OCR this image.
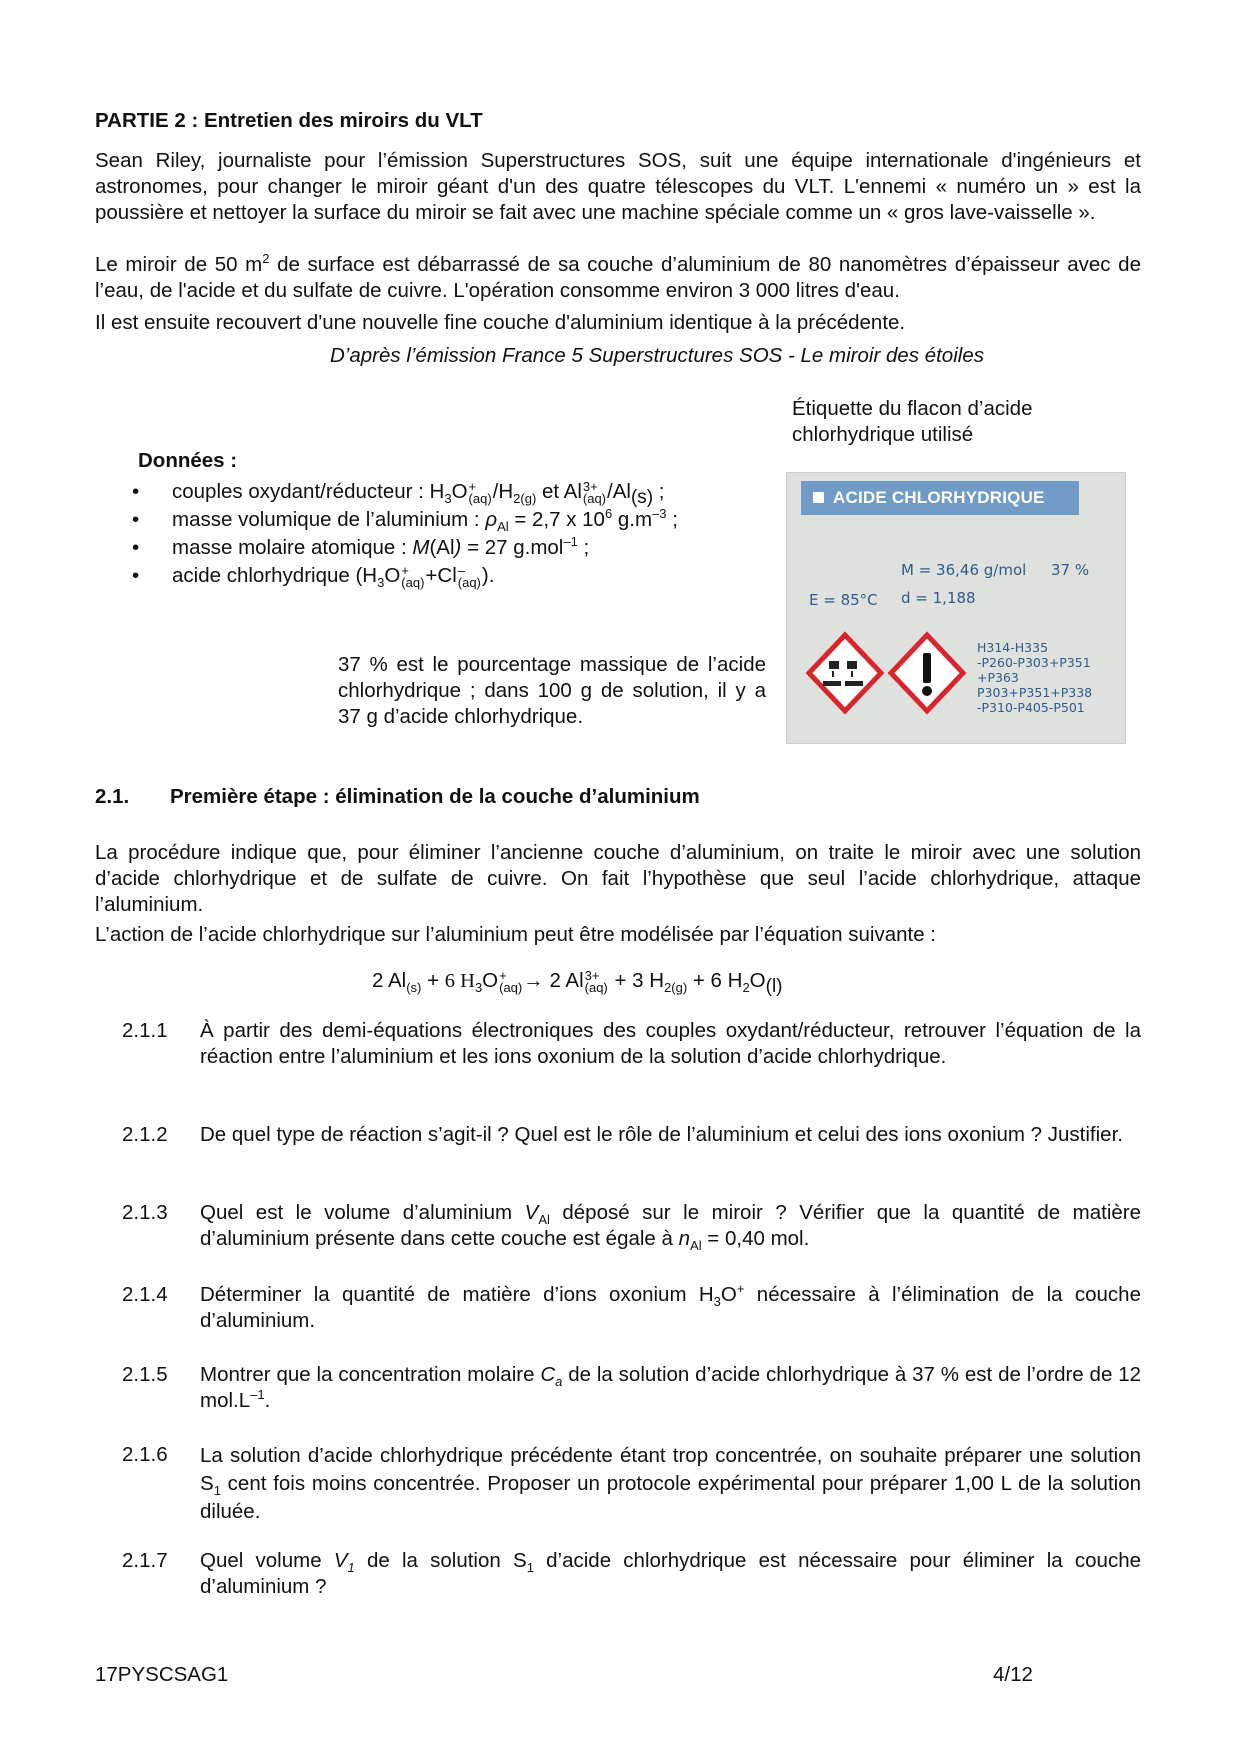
PARTIE 2 : Entretien des miroirs du VLT
Sean Riley, journaliste pour l’émission Superstructures SOS, suit une équipe internationale d'ingénieurs et astronomes, pour changer le miroir géant d'un des quatre télescopes du VLT. L'ennemi « numéro un » est la poussière et nettoyer la surface du miroir se fait avec une machine spéciale comme un « gros lave-vaisselle ».
Le miroir de 50 $m^2$ de surface est débarrassé de sa couche d’aluminium de 80 nanomètres d’épaisseur avec de l’eau, de l'acide et du sulfate de cuivre. L'opération consomme environ 3 000 litres d'eau.
Il est ensuite recouvert d'une nouvelle fine couche d'aluminium identique à la précédente.
D’après l’émission France 5 Superstructures SOS - Le miroir des étoiles
Étiquette du flacon d’acide chlorhydrique utilisé
Données :
• couples oxydant/réducteur : $H_3O$ +
(aq) $/H_{2(g)}$ et Al 3+
(aq) $/Al_{(s)}$ ;
• masse volumique de l’aluminium : $\rho_{Al} = 2,7$ x $10^6$ $g.m^{-3}$ ;
• masse molaire atomique : M(Al) = 27 g.mol$^{-1}$ ;
• acide chlorhydrique ($H_3O$ +
(aq) +Cl –
(aq) ).
37 % est le pourcentage massique de l’acide chlorhydrique ; dans 100 g de solution, il y a 37 g d’acide chlorhydrique.
ACIDE CHLORHYDRIQUE
M = 36,46 g/mol 37 %
E = 85°C d = 1,188
H314-H335
-P260-P303+P351
+P363
P303+P351+P338
-P310-P405-P501
2.1. Première étape : élimination de la couche d’aluminium
La procédure indique que, pour éliminer l’ancienne couche d’aluminium, on traite le miroir avec une solution d’acide chlorhydrique et de sulfate de cuivre. On fait l’hypothèse que seul l’acide chlorhydrique, attaque l’aluminium.
L’action de l’acide chlorhydrique sur l’aluminium peut être modélisée par l’équation suivante :
2 $Al_{(s)} + 6$ $H_3O$ +
(aq) → 2 Al 3+
(aq) + 3 $H_{2(g)} + 6$ $H_2O_{(l)}$
2.1.1 À partir des demi-équations électroniques des couples oxydant/réducteur, retrouver l’équation de la réaction entre l’aluminium et les ions oxonium de la solution d’acide chlorhydrique.
2.1.2 De quel type de réaction s’agit-il ? Quel est le rôle de l’aluminium et celui des ions oxonium ? Justifier.
2.1.3 Quel est le volume d’aluminium $V_{Al}$ déposé sur le miroir ? Vérifier que la quantité de matière d’aluminium présente dans cette couche est égale à $n_{Al} = 0,40$ mol.
2.1.4 Déterminer la quantité de matière d’ions oxonium $H_3O^+$ nécessaire à l’élimination de la couche d’aluminium.
2.1.5 Montrer que la concentration molaire $C_a$ de la solution d’acide chlorhydrique à 37 % est de l’ordre de 12 $mol.L^{-1}$.
2.1.6 La solution d’acide chlorhydrique précédente étant trop concentrée, on souhaite préparer une solution $S_1$ cent fois moins concentrée. Proposer un protocole expérimental pour préparer 1,00 L de la solution diluée.
2.1.7 Quel volume $V_1$ de la solution $S_1$ d’acide chlorhydrique est nécessaire pour éliminer la couche d’aluminium ?
17PYSCSAG1	4/12
